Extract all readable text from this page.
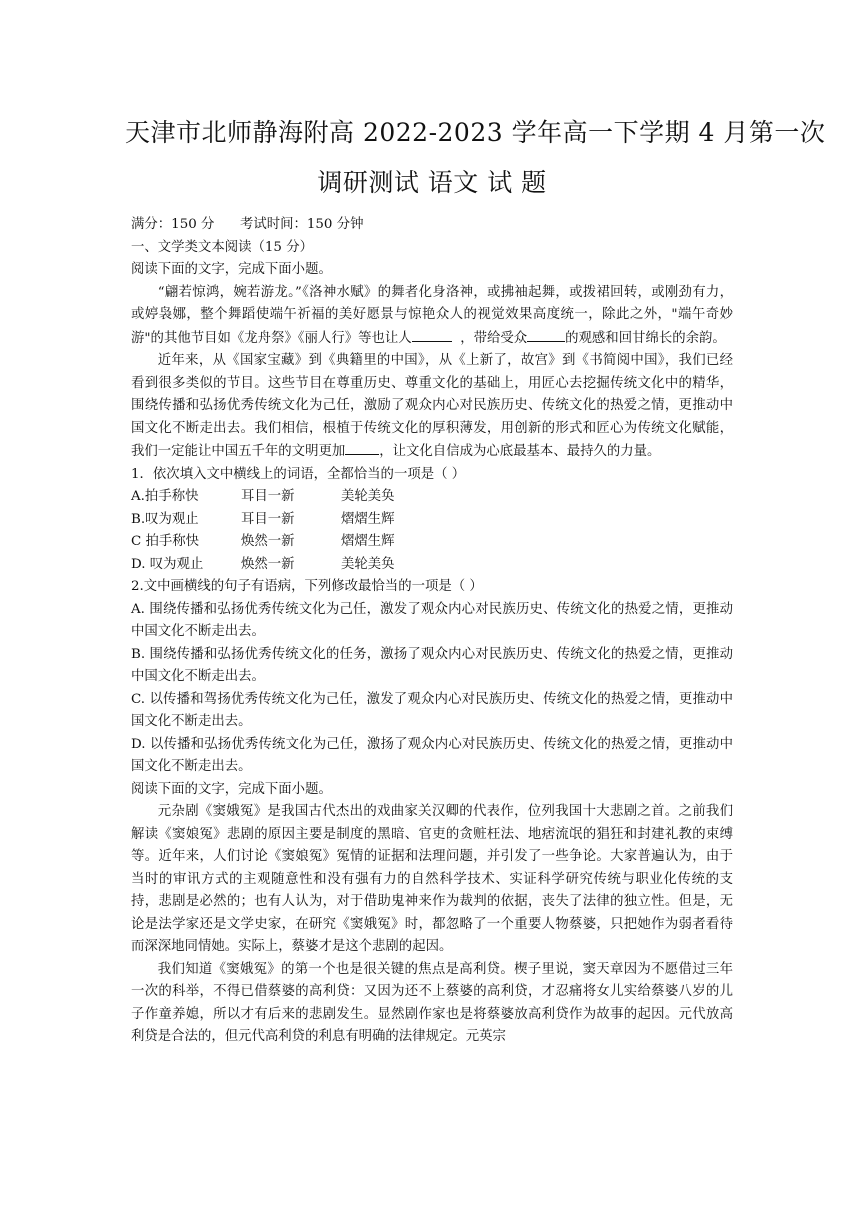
天津市北师静海附高 2022-2023 学年高一下学期 4 月第一次
调研测试 语文 试 题
满分：150 分 考试时间：150 分钟
一、文学类文本阅读（15 分）
阅读下面的文字，完成下面小题。

“翩若惊鸿，婉若游龙。”《洛神水赋》的舞者化身洛神，或拂袖起舞，或拨裙回转，或刚劲有力，或婷袅娜，整个舞蹈使端午祈福的美好愿景与惊艳众人的视觉效果高度统一，除此之外，"端午奇妙游"的其他节目如《龙舟祭》《丽人行》等也让人	，带给受众	的观感和回甘绵长的余韵。

近年来，从《国家宝藏》到《典籍里的中国》，从《上新了，故宫》到《书简阅中国》，我们已经看到很多类似的节目。这些节目在尊重历史、尊重文化的基础上，用匠心去挖掘传统文化中的精华，围绕传播和弘扬优秀传统文化为己任，激励了观众内心对民族历史、传统文化的热爱之情，更推动中国文化不断走出去。我们相信，根植于传统文化的厚积薄发，用创新的形式和匠心为传统文化赋能，我们一定能让中国五千年的文明更加	，让文化自信成为心底最基本、最持久的力量。

1．依次填入文中横线上的词语，全都恰当的一项是（ ）
A.拍手称快	耳目一新	美轮美奂
B.叹为观止	耳目一新	熠熠生辉
C 拍手称快	焕然一新	熠熠生辉
D. 叹为观止	焕然一新	美轮美奂
2.文中画横线的句子有语病，下列修改最恰当的一项是（ ）

A. 围绕传播和弘扬优秀传统文化为己任，激发了观众内心对民族历史、传统文化的热爱之情，更推动中国文化不断走出去。

B. 围绕传播和弘扬优秀传统文化的任务，激扬了观众内心对民族历史、传统文化的热爱之情，更推动中国文化不断走出去。

C. 以传播和驾扬优秀传统文化为己任，激发了观众内心对民族历史、传统文化的热爱之情，更推动中国文化不断走出去。

D. 以传播和弘扬优秀传统文化为己任，激扬了观众内心对民族历史、传统文化的热爱之情，更推动中国文化不断走出去。

阅读下面的文字，完成下面小题。

元杂剧《窦娥冤》是我国古代杰出的戏曲家关汉卿的代表作，位列我国十大悲剧之首。之前我们解读《窦娘冤》悲剧的原因主要是制度的黑暗、官吏的贪赃枉法、地痞流氓的猖狂和封建礼教的束缚等。近年来，人们讨论《窦娘冤》冤情的证据和法理问题，并引发了一些争论。大家普遍认为，由于当时的审讯方式的主观随意性和没有强有力的自然科学技术、实证科学研究传统与职业化传统的支持，悲剧是必然的；也有人认为，对于借助鬼神来作为裁判的依据，丧失了法律的独立性。但是，无论是法学家还是文学史家，在研究《窦娥冤》时，都忽略了一个重要人物蔡婆，只把她作为弱者看待而深深地同情她。实际上，蔡婆才是这个悲剧的起因。

我们知道《窦娥冤》的第一个也是很关键的焦点是高利贷。楔子里说，窦天章因为不愿借过三年一次的科举，不得已借蔡婆的高利贷：又因为还不上蔡婆的高利贷，才忍痛将女儿实给蔡婆八岁的儿子作童养媳，所以才有后来的悲剧发生。显然剧作家也是将蔡婆放高利贷作为故事的起因。元代放高利贷是合法的，但元代高利贷的利息有明确的法律规定。元英宗
